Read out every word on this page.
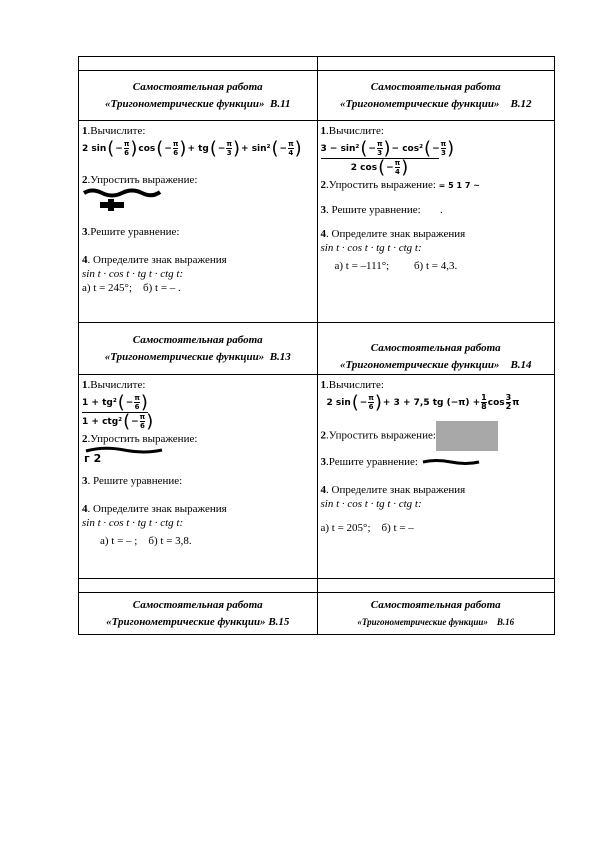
Самостоятельная работа
«Тригонометрические функции» В.11
Самостоятельная работа
«Тригонометрические функции» В.12

1.Вычислите:

2 sin ( − $\frac{\pi}{6}$ ) cos ( − $\frac{\pi}{6}$ ) + tg ( − $\frac{\pi}{3}$ ) + sin² ( − $\frac{\pi}{4}$ )

2.Упростить выражение:

3.Решите уравнение:

4. Определите знак выражения

sin t · cos t · tg t · ctg t:

а) t = 245°; б) t = – .

1.Вычислите:

3 − sin² ( − $\frac{\pi}{3}$ ) − cos² ( − $\frac{\pi}{3}$ )
2 cos ( − $\frac{\pi}{4}$ )

2.Упростить выражение: = 5 1 7 ~

3. Решите уравнение:       .

4. Определите знак выражения

sin t · cos t · tg t · ctg t:

а) t = –111°; б) t = 4,3.

Самостоятельная работа
«Тригонометрические функции» В.13
Самостоятельная работа
«Тригонометрические функции» В.14

1.Вычислите:

1 + tg² ( − $\frac{\pi}{6}$ )
1 + ctg² ( − $\frac{\pi}{6}$ )

2.Упростить выражение:

г 2

3. Решите уравнение:

4. Определите знак выражения

sin t · cos t · tg t · ctg t:

а) t = – ; б) t = 3,8.

1.Вычислите:

2 sin ( − $\frac{\pi}{6}$ ) + 3 + 7,5 tg $(-\pi) + \frac{1}{8}$ $\cos \frac{3}{2}$ π

2.Упростить выражение:

3.Решите уравнение:

4. Определите знак выражения

sin t · cos t · tg t · ctg t:

а) t = 205°; б) t = –

Самостоятельная работа
«Тригонометрические функции» В.15
Самостоятельная работа
«Тригонометрические функции» В.16
